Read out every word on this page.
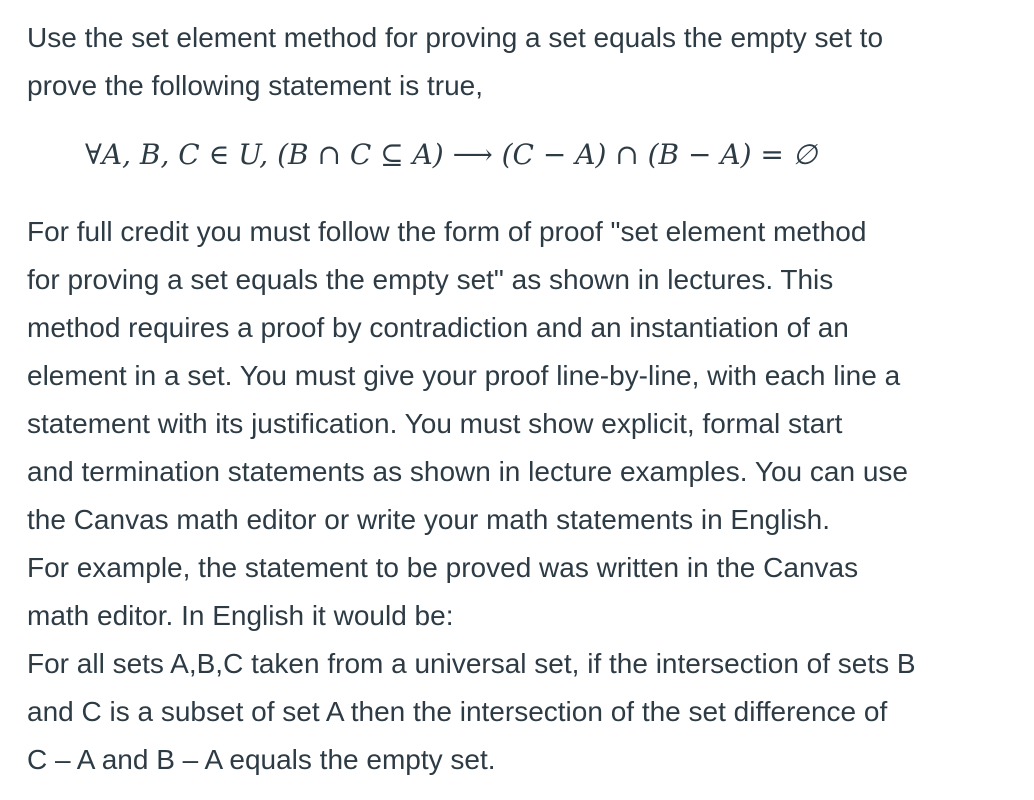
Use the set element method for proving a set equals the empty set to
prove the following statement is true,

∀A, B, C ∈ U, (B ∩ C ⊆ A) ⟶ (C − A) ∩ (B − A) = ∅

For full credit you must follow the form of proof "set element method
for proving a set equals the empty set" as shown in lectures. This
method requires a proof by contradiction and an instantiation of an
element in a set. You must give your proof line-by-line, with each line a
statement with its justification. You must show explicit, formal start
and termination statements as shown in lecture examples. You can use
the Canvas math editor or write your math statements in English.

For example, the statement to be proved was written in the Canvas
math editor. In English it would be:

For all sets A,B,C taken from a universal set, if the intersection of sets B
and C is a subset of set A then the intersection of the set difference of
C – A and B – A equals the empty set.
